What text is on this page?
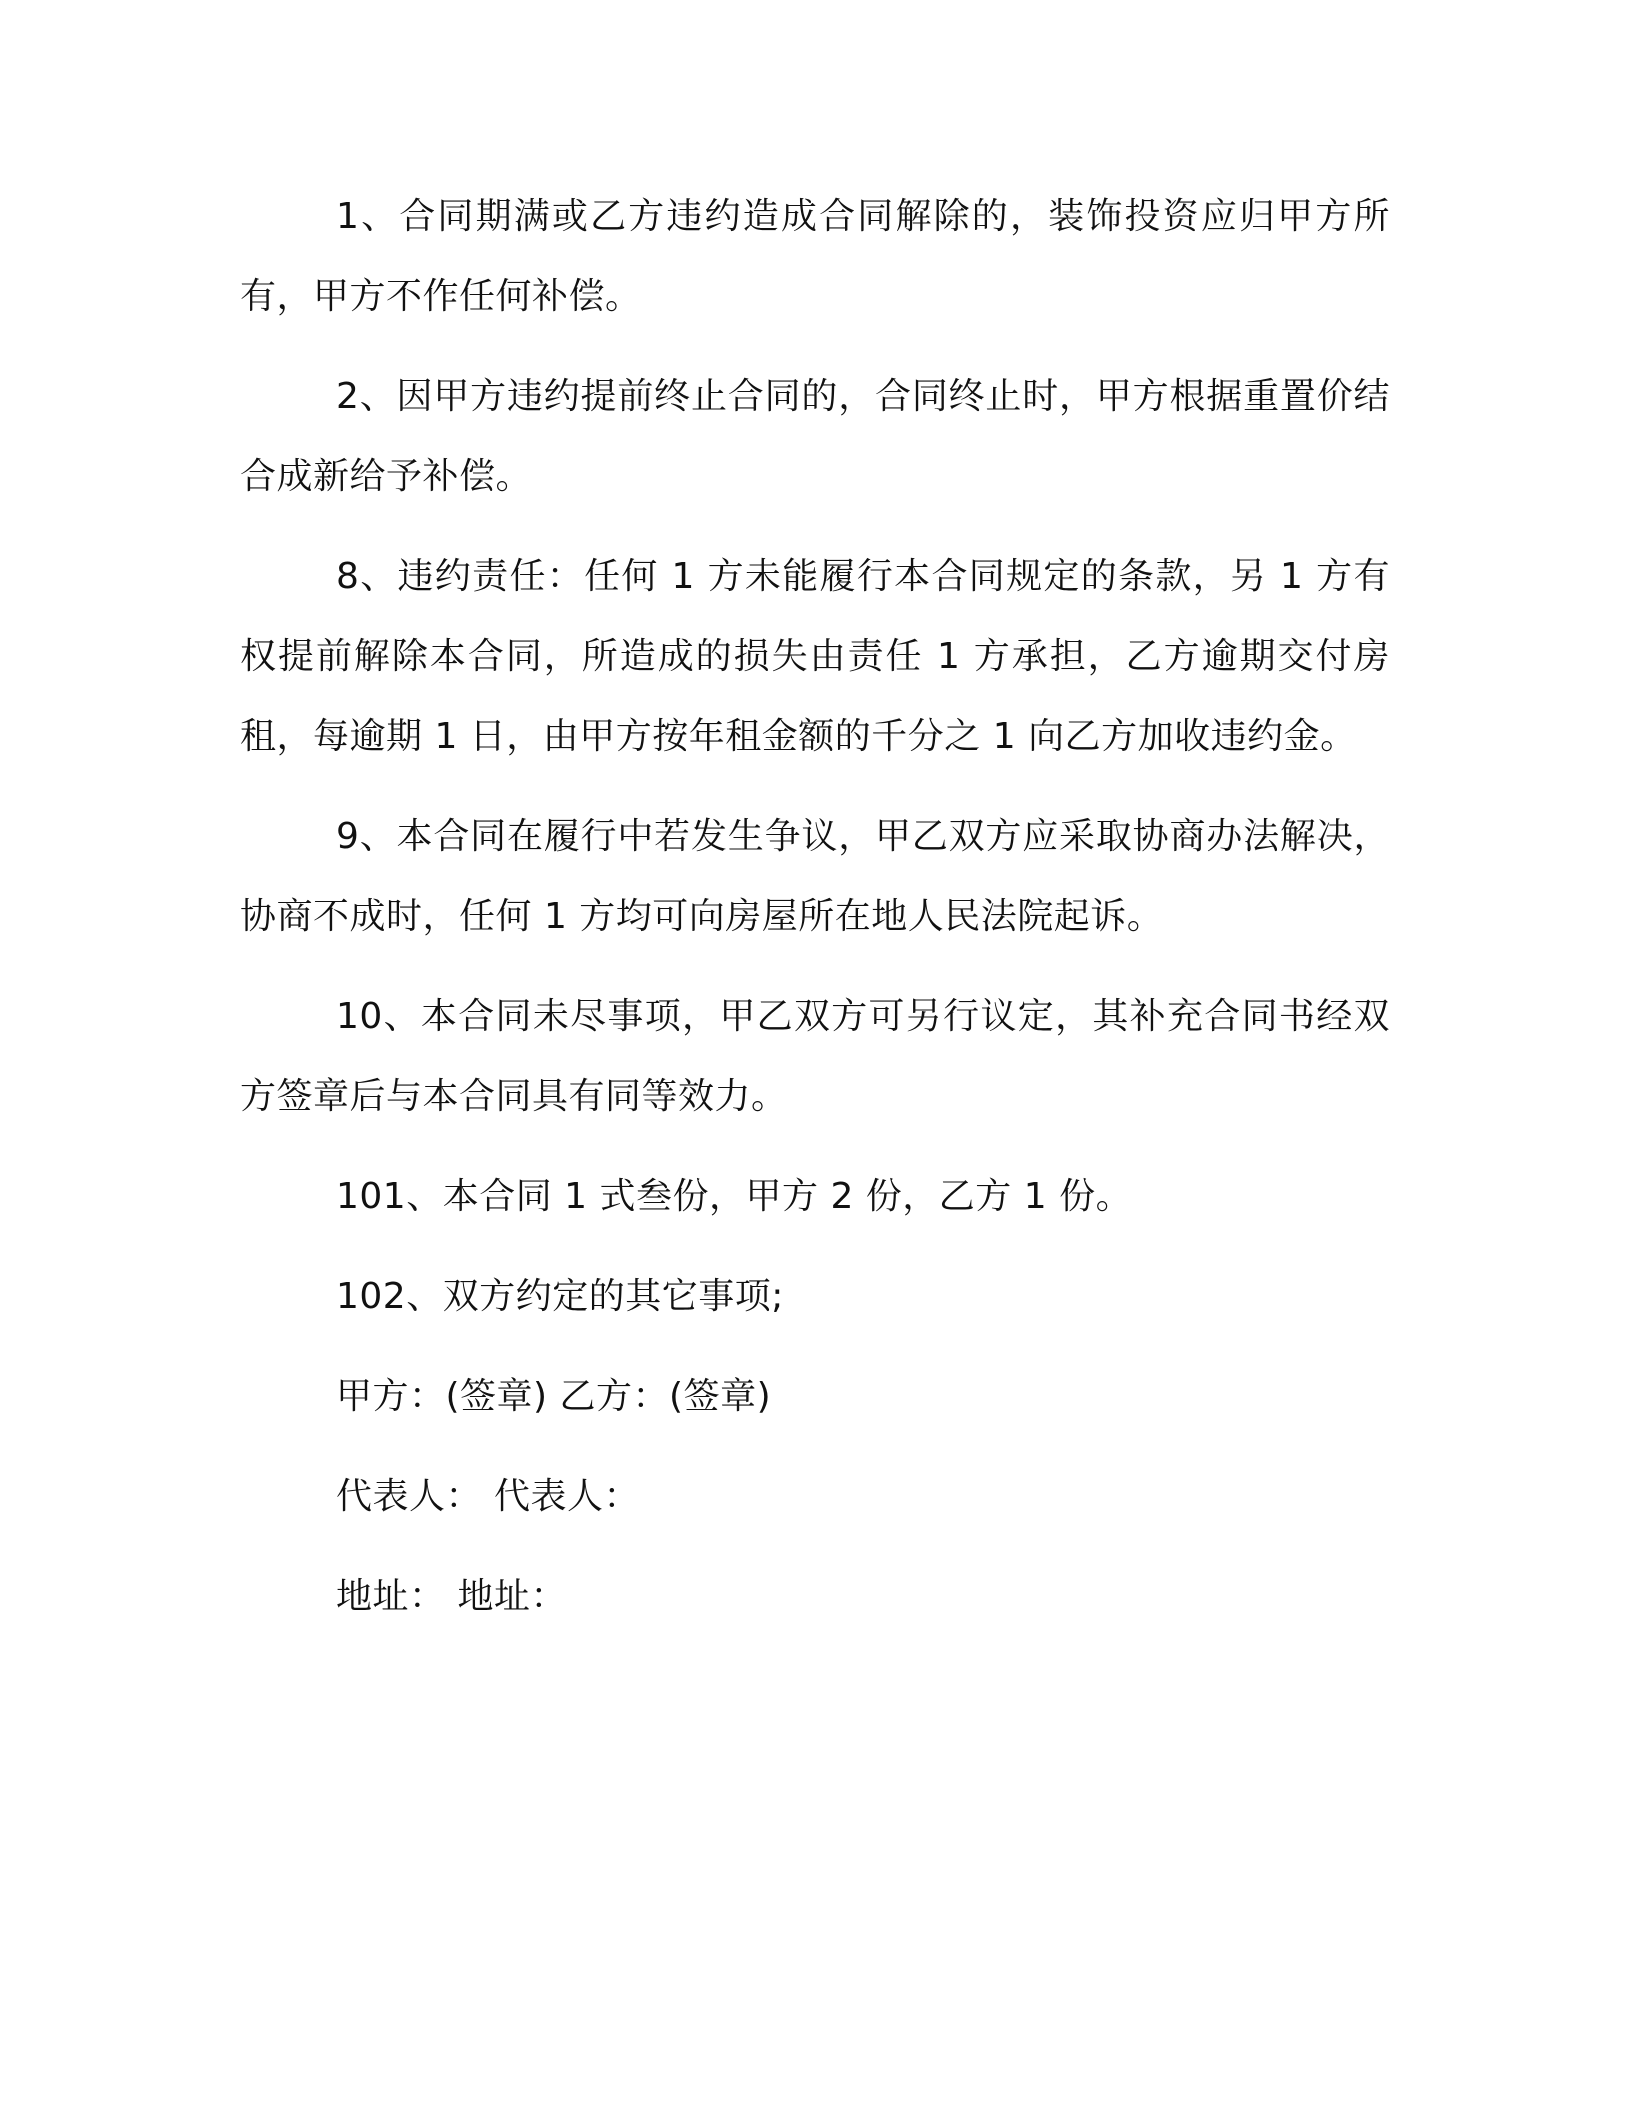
1、合同期满或乙方违约造成合同解除的，装饰投资应归甲方所有，甲方不作任何补偿。

2、因甲方违约提前终止合同的，合同终止时，甲方根据重置价结合成新给予补偿。

8、违约责任：任何 1 方未能履行本合同规定的条款，另 1 方有权提前解除本合同，所造成的损失由责任 1 方承担，乙方逾期交付房租，每逾期 1 日，由甲方按年租金额的千分之 1 向乙方加收违约金。

9、本合同在履行中若发生争议，甲乙双方应采取协商办法解决，协商不成时，任何 1 方均可向房屋所在地人民法院起诉。

10、本合同未尽事项，甲乙双方可另行议定，其补充合同书经双方签章后与本合同具有同等效力。

101、本合同 1 式叁份，甲方 2 份，乙方 1 份。

102、双方约定的其它事项;

甲方：(签章) 乙方：(签章)

代表人： 代表人：

地址： 地址：
